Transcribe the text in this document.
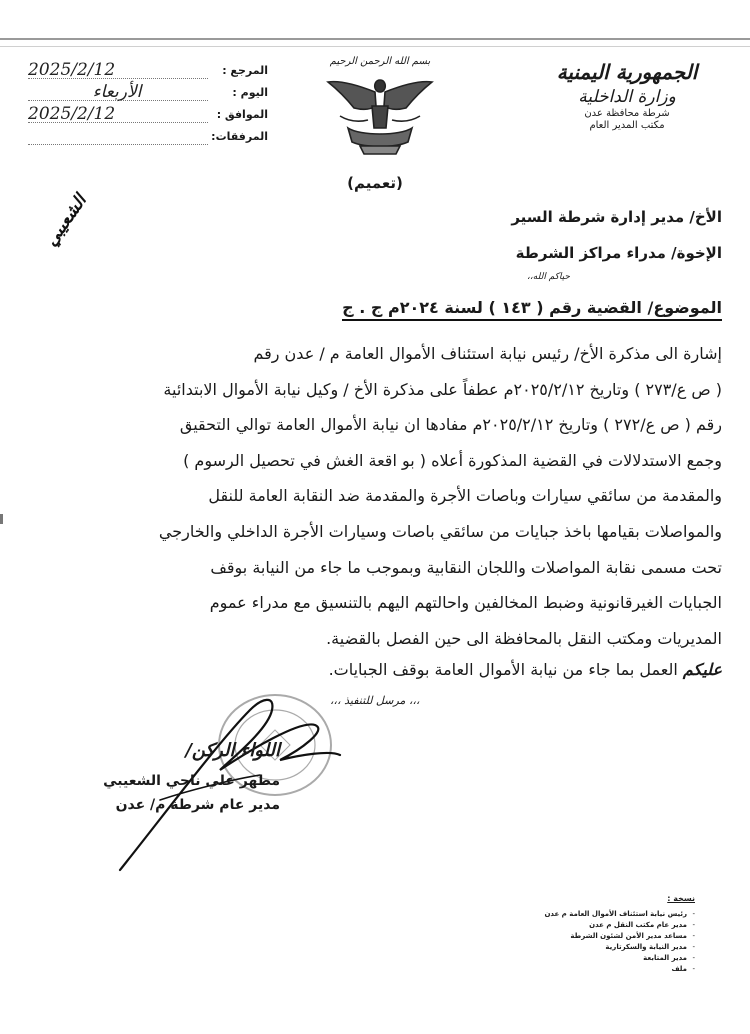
الجمهورية اليمنية
وزارة الداخلية
شرطة محافظة عدن
مكتب المدير العام
بسم الله الرحمن الرحيم
المرجع :
2025/2/12
اليوم :
الأربعاء
الموافق :
2025/2/12
المرفقات:
(تعميم)
الأخ/ مدير إدارة شرطة السير
الإخوة/ مدراء مراكز الشرطة
حياكم الله،،
الشعيبي
الموضوع/ القضية رقم ( ١٤٣ ) لسنة ٢٠٢٤م ج . ج

إشارة الى مذكرة الأخ/ رئيس نيابة استئناف الأموال العامة م / عدن رقم

( ص ع/٢٧٣ ) وتاريخ ٢٠٢٥/٢/١٢م عطفاً على مذكرة الأخ / وكيل نيابة الأموال الابتدائية

رقم ( ص ع/٢٧٢ ) وتاريخ ٢٠٢٥/٢/١٢م مفادها ان نيابة الأموال العامة توالي التحقيق

وجمع الاستدلالات في القضية المذكورة أعلاه ( بو اقعة الغش في تحصيل الرسوم )

والمقدمة من سائقي سيارات وباصات الأجرة والمقدمة ضد النقابة العامة للنقل

والمواصلات بقيامها باخذ جبايات من سائقي باصات وسيارات الأجرة الداخلي والخارجي

تحت مسمى نقابة المواصلات واللجان النقابية وبموجب ما جاء من النيابة بوقف

الجبايات الغيرقانونية وضبط المخالفين واحالتهم اليهم بالتنسيق مع مدراء عموم

المديريات ومكتب النقل بالمحافظة الى حين الفصل بالقضية.

عليكم العمل بما جاء من نيابة الأموال العامة بوقف الجبايات.
،،، مرسل للتنفيذ ،،،
اللواء الركن/
مطهر علي ناجي الشعيبي
مدير عام شرطة م/ عدن
نسخة :
-رئيس نيابة استئناف الأموال العامة م عدن
-مدير عام مكتب النقل م عدن
-مساعد مدير الأمن لشئون الشرطة
-مدير النيابة والسكرتارية
-مدير المتابعة
-ملف
